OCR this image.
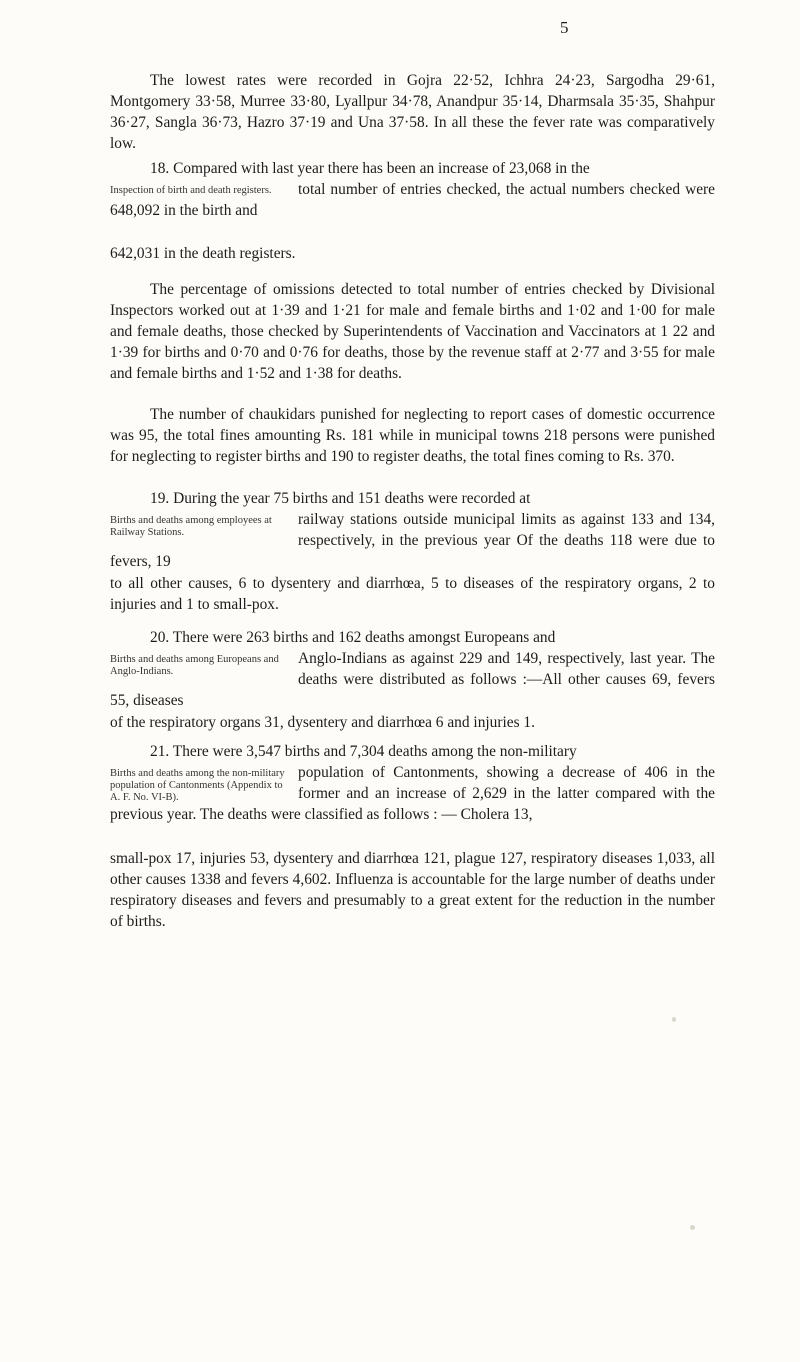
5
The lowest rates were recorded in Gojra 22·52, Ichhra 24·23, Sargodha 29·61, Montgomery 33·58, Murree 33·80, Lyallpur 34·78, Anandpur 35·14, Dharmsala 35·35, Shahpur 36·27, Sangla 36·73, Hazro 37·19 and Una 37·58. In all these the fever rate was comparatively low.
18. Compared with last year there has been an increase of 23,068 in the
Inspection of birth and death registers.	total number of entries checked, the actual numbers checked were 648,092 in the birth and
642,031 in the death registers.
The percentage of omissions detected to total number of entries checked by Divisional Inspectors worked out at 1·39 and 1·21 for male and female births and 1·02 and 1·00 for male and female deaths, those checked by Superintendents of Vaccination and Vaccinators at 1 22 and 1·39 for births and 0·70 and 0·76 for deaths, those by the revenue staff at 2·77 and 3·55 for male and female births and 1·52 and 1·38 for deaths.
The number of chaukidars punished for neglecting to report cases of domestic occurrence was 95, the total fines amounting Rs. 181 while in municipal towns 218 persons were punished for neglecting to register births and 190 to register deaths, the total fines coming to Rs. 370.
19. During the year 75 births and 151 deaths were recorded at
Births and deaths among employees at Railway Stations.
railway stations outside municipal limits as against 133 and 134, respectively, in the previous year Of the deaths 118 were due to fevers, 19
to all other causes, 6 to dysentery and diarrhœa, 5 to diseases of the respiratory organs, 2 to injuries and 1 to small-pox.
20. There were 263 births and 162 deaths amongst Europeans and
Births and deaths among Europeans and Anglo-Indians.
Anglo-Indians as against 229 and 149, respectively, last year. The deaths were distributed as follows :—All other causes 69, fevers 55, diseases
of the respiratory organs 31, dysentery and diarrhœa 6 and injuries 1.
21. There were 3,547 births and 7,304 deaths among the non-military
Births and deaths among the non-military population of Cantonments (Appendix to A. F. No. VI-B).
population of Cantonments, showing a decrease of 406 in the former and an increase of 2,629 in the latter compared with the previous year. The deaths were classified as follows : — Cholera 13,
small-pox 17, injuries 53, dysentery and diarrhœa 121, plague 127, respiratory diseases 1,033, all other causes 1338 and fevers 4,602. Influenza is accountable for the large number of deaths under respiratory diseases and fevers and presumably to a great extent for the reduction in the number of births.
